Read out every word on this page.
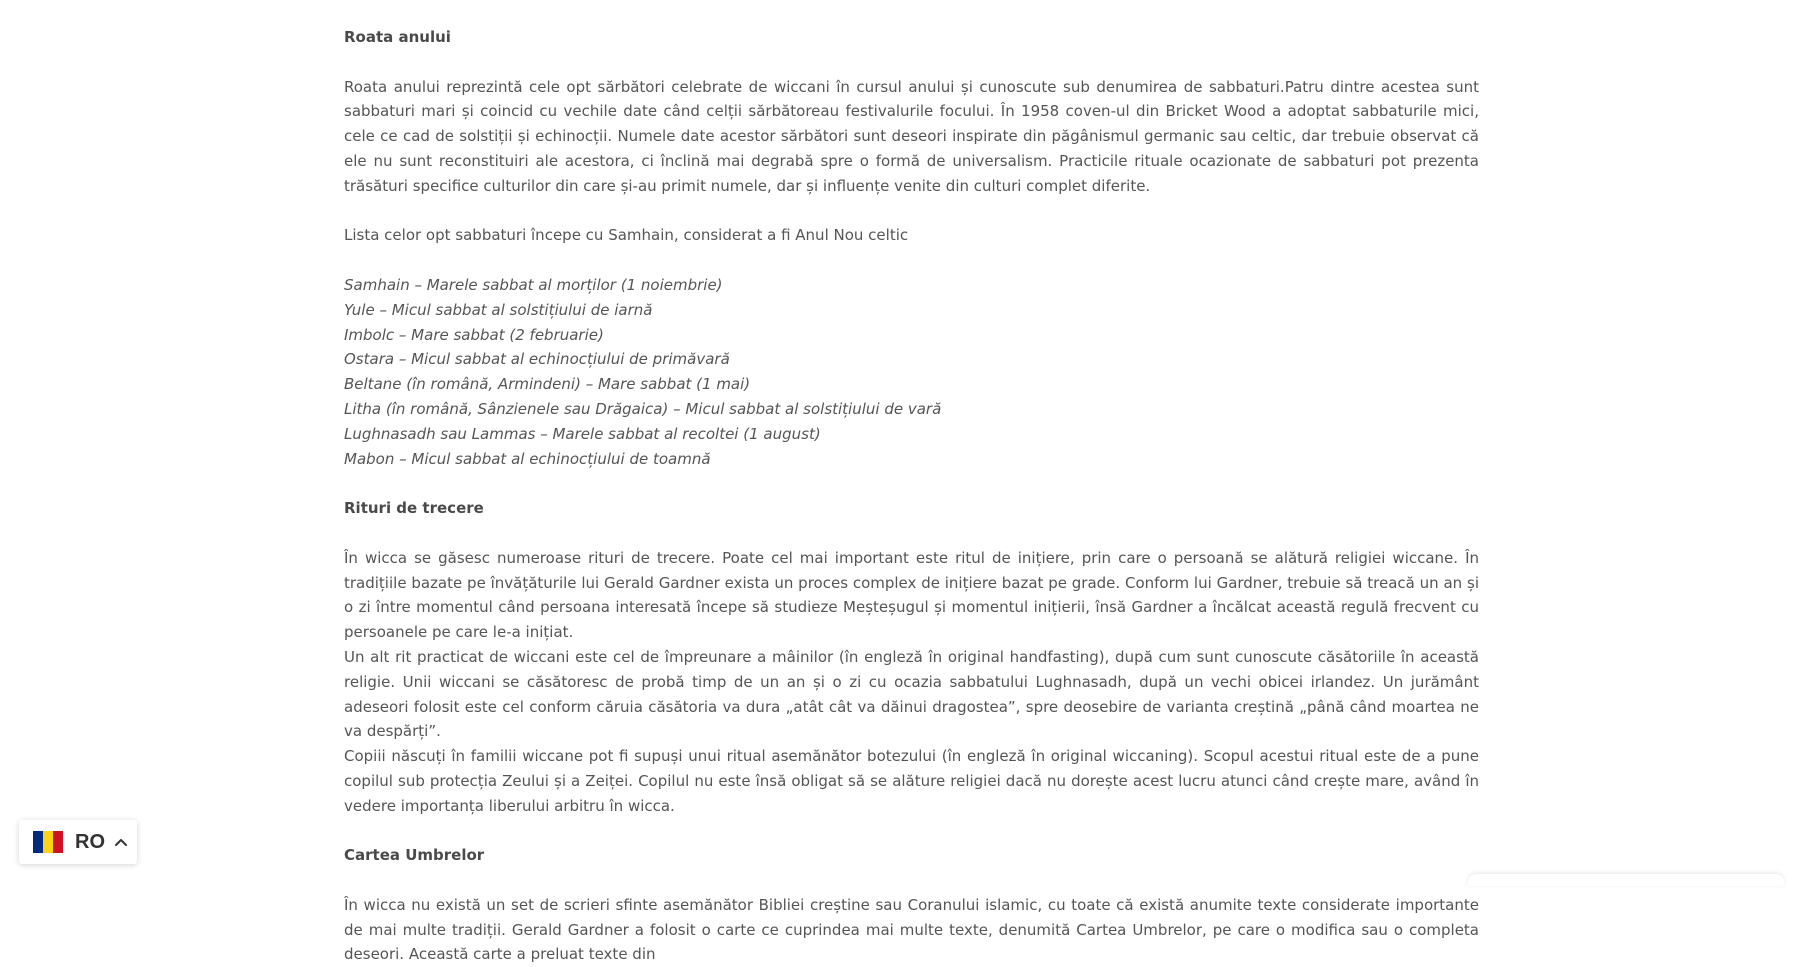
Roata anului

Roata anului reprezintă cele opt sărbători celebrate de wiccani în cursul anului și cunoscute sub denumirea de sabbaturi.Patru dintre acestea sunt sabbaturi mari și coincid cu vechile date când celții sărbătoreau festivalurile focului. În 1958 coven-ul din Bricket Wood a adoptat sabbaturile mici, cele ce cad de solstiții și echinocții. Numele date acestor sărbători sunt deseori inspirate din păgânismul germanic sau celtic, dar trebuie observat că ele nu sunt reconstituiri ale acestora, ci înclină mai degrabă spre o formă de universalism. Practicile rituale ocazionate de sabbaturi pot prezenta trăsături specifice culturilor din care și-au primit numele, dar și influențe venite din culturi complet diferite.

Lista celor opt sabbaturi începe cu Samhain, considerat a fi Anul Nou celtic

Samhain – Marele sabbat al morților (1 noiembrie)
Yule – Micul sabbat al solstițiului de iarnă
Imbolc – Mare sabbat (2 februarie)
Ostara – Micul sabbat al echinocțiului de primăvară
Beltane (în română, Armindeni) – Mare sabbat (1 mai)
Litha (în română, Sânzienele sau Drăgaica) – Micul sabbat al solstițiului de vară
Lughnasadh sau Lammas – Marele sabbat al recoltei (1 august)
Mabon – Micul sabbat al echinocțiului de toamnă

Rituri de trecere

În wicca se găsesc numeroase rituri de trecere. Poate cel mai important este ritul de inițiere, prin care o persoană se alătură religiei wiccane. În tradițiile bazate pe învățăturile lui Gerald Gardner exista un proces complex de inițiere bazat pe grade. Conform lui Gardner, trebuie să treacă un an și o zi între momentul când persoana interesată începe să studieze Meșteșugul și momentul inițierii, însă Gardner a încălcat această regulă frecvent cu persoanele pe care le-a inițiat.

Un alt rit practicat de wiccani este cel de împreunare a mâinilor (în engleză în original handfasting), după cum sunt cunoscute căsătoriile în această religie. Unii wiccani se căsătoresc de probă timp de un an și o zi cu ocazia sabbatului Lughnasadh, după un vechi obicei irlandez. Un jurământ adeseori folosit este cel conform căruia căsătoria va dura „atât cât va dăinui dragostea”, spre deosebire de varianta creștină „până când moartea ne va despărți”.

Copiii născuți în familii wiccane pot fi supuși unui ritual asemănător botezului (în engleză în original wiccaning). Scopul acestui ritual este de a pune copilul sub protecția Zeului și a Zeiței. Copilul nu este însă obligat să se alăture religiei dacă nu dorește acest lucru atunci când crește mare, având în vedere importanța liberului arbitru în wicca.

Cartea Umbrelor

În wicca nu există un set de scrieri sfinte asemănător Bibliei creștine sau Coranului islamic, cu toate că există anumite texte considerate importante de mai multe tradiții. Gerald Gardner a folosit o carte ce cuprindea mai multe texte, denumită Cartea Umbrelor, pe care o modifica sau o completa deseori. Această carte a preluat texte din

RO
